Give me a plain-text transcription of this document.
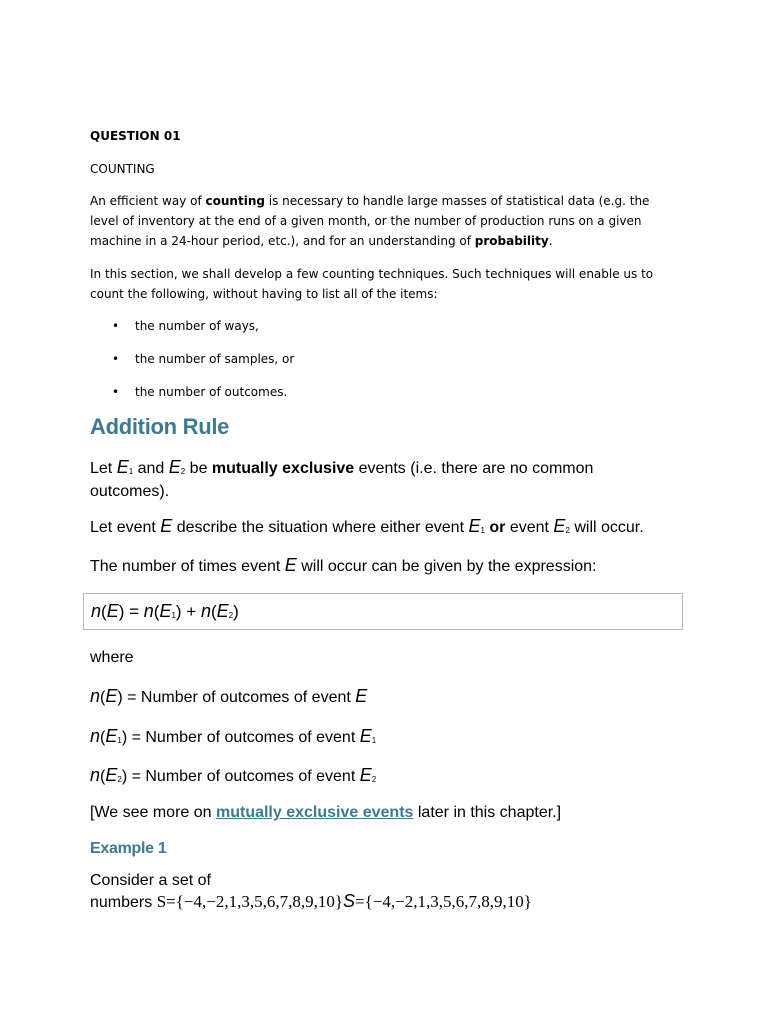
QUESTION 01
COUNTING

An efficient way of counting is necessary to handle large masses of statistical data (e.g. the level of inventory at the end of a given month, or the number of production runs on a given machine in a 24-hour period, etc.), and for an understanding of probability.

In this section, we shall develop a few counting techniques. Such techniques will enable us to count the following, without having to list all of the items:

• the number of ways,
• the number of samples, or
• the number of outcomes.
Addition Rule

Let $E_1$ and $E_2$ be mutually exclusive events (i.e. there are no common outcomes).

Let event E describe the situation where either event $E_1$ or event $E_2$ will occur.

The number of times event E will occur can be given by the expression:

$n(E) = n(E_1) + n(E_2)$
where
n(E) = Number of outcomes of event E
$n(E_1)$ = Number of outcomes of event $E_1$
$n(E_2)$ = Number of outcomes of event $E_2$

[We see more on mutually exclusive events later in this chapter.]

Example 1
Consider a set of
numbers S={−4,−2,1,3,5,6,7,8,9,10}S={−4,−2,1,3,5,6,7,8,9,10}
